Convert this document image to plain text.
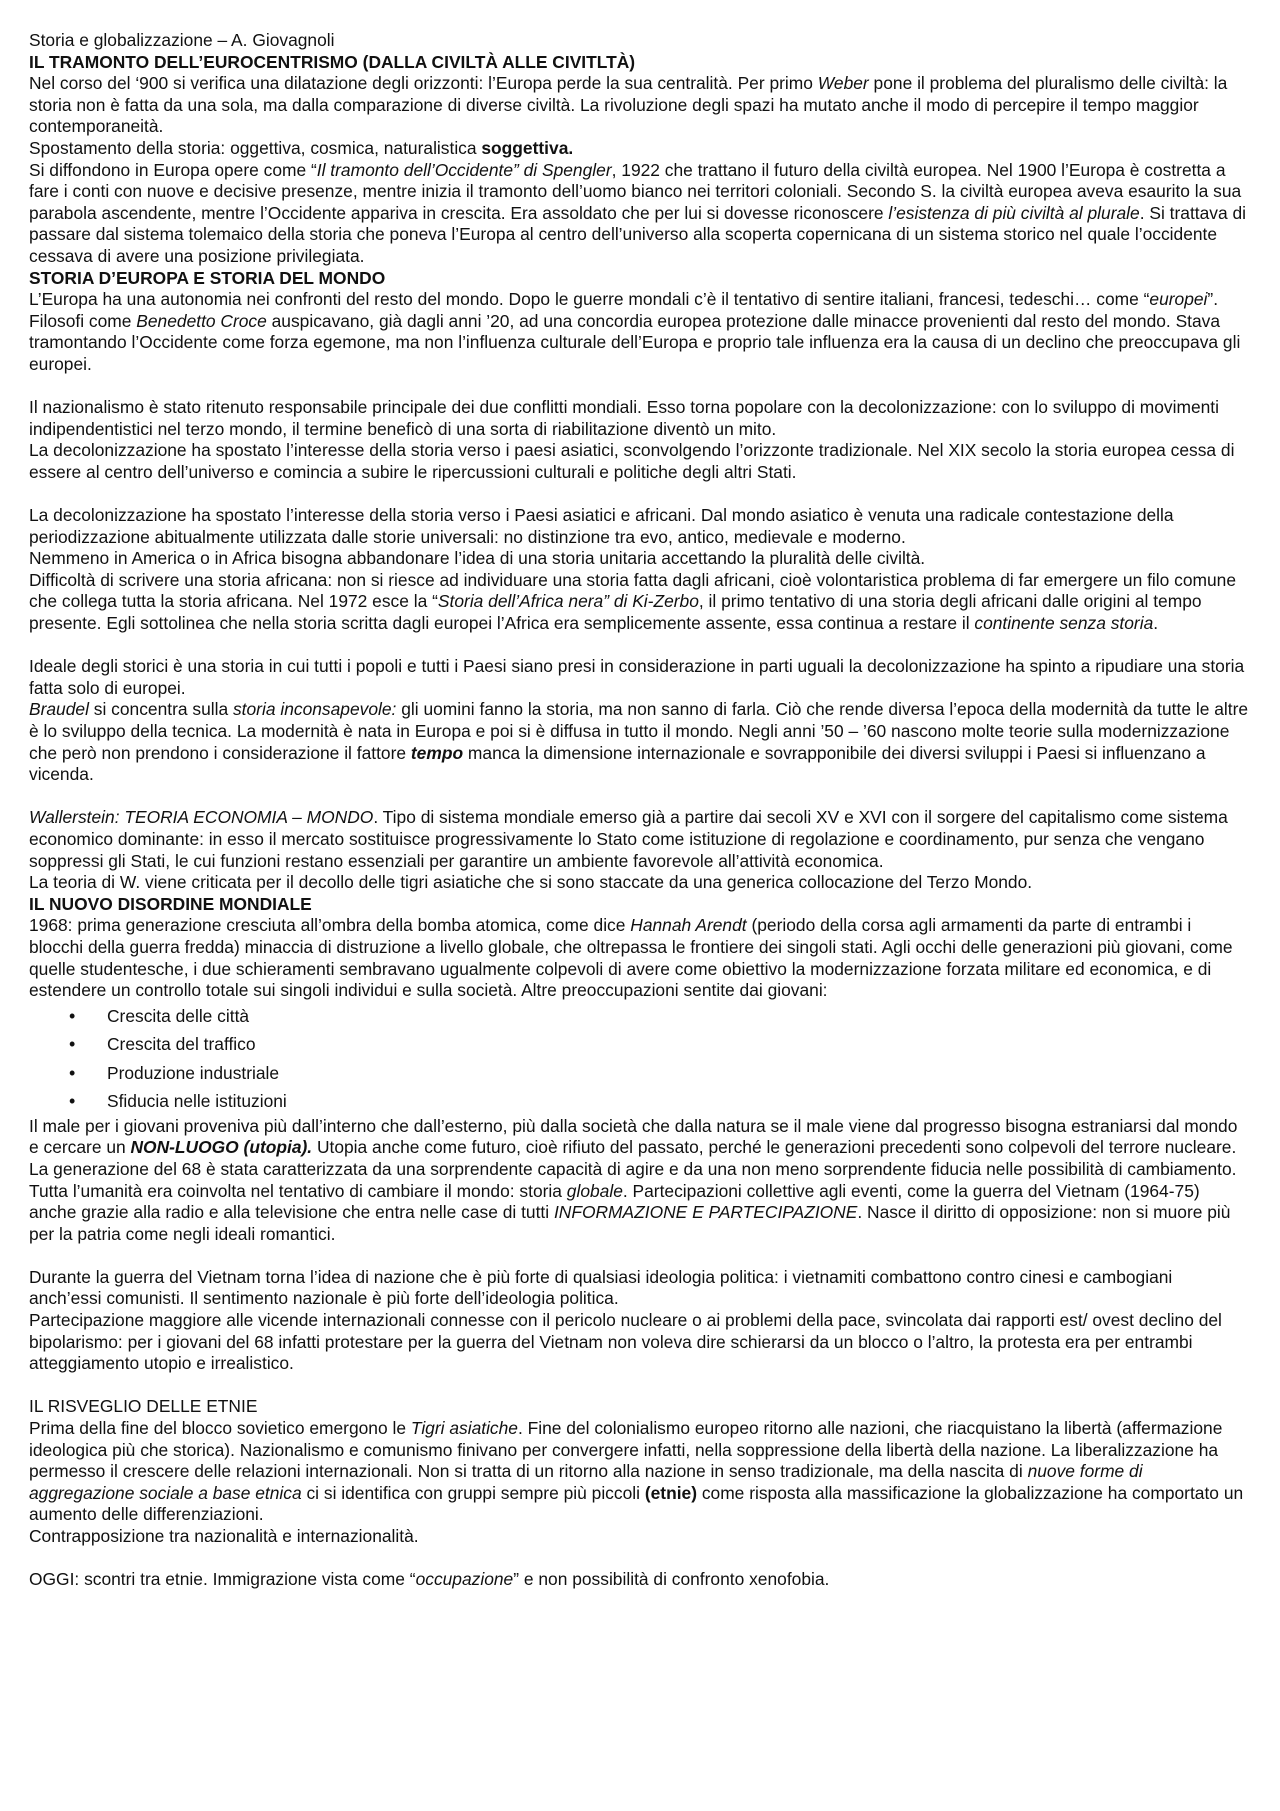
Storia e globalizzazione – A. Giovagnoli

IL TRAMONTO DELL’EUROCENTRISMO (DALLA CIVILTÀ ALLE CIVITLTÀ)

Nel corso del ‘900 si verifica una dilatazione degli orizzonti: l’Europa perde la sua centralità. Per primo Weber pone il problema del pluralismo delle civiltà: la storia non è fatta da una sola, ma dalla comparazione di diverse civiltà. La rivoluzione degli spazi ha mutato anche il modo di percepire il tempo maggior contemporaneità.

Spostamento della storia: oggettiva, cosmica, naturalistica soggettiva.

Si diffondono in Europa opere come “Il tramonto dell’Occidente” di Spengler, 1922 che trattano il futuro della civiltà europea. Nel 1900 l’Europa è costretta a fare i conti con nuove e decisive presenze, mentre inizia il tramonto dell’uomo bianco nei territori coloniali. Secondo S. la civiltà europea aveva esaurito la sua parabola ascendente, mentre l’Occidente appariva in crescita. Era assoldato che per lui si dovesse riconoscere l’esistenza di più civiltà al plurale. Si trattava di passare dal sistema tolemaico della storia che poneva l’Europa al centro dell’universo alla scoperta copernicana di un sistema storico nel quale l’occidente cessava di avere una posizione privilegiata.

STORIA D’EUROPA E STORIA DEL MONDO

L’Europa ha una autonomia nei confronti del resto del mondo. Dopo le guerre mondali c’è il tentativo di sentire italiani, francesi, tedeschi… come “europei”. Filosofi come Benedetto Croce auspicavano, già dagli anni ’20, ad una concordia europea protezione dalle minacce provenienti dal resto del mondo. Stava tramontando l’Occidente come forza egemone, ma non l’influenza culturale dell’Europa e proprio tale influenza era la causa di un declino che preoccupava gli europei.

Il nazionalismo è stato ritenuto responsabile principale dei due conflitti mondiali. Esso torna popolare con la decolonizzazione: con lo sviluppo di movimenti indipendentistici nel terzo mondo, il termine beneficò di una sorta di riabilitazione diventò un mito.

La decolonizzazione ha spostato l’interesse della storia verso i paesi asiatici, sconvolgendo l’orizzonte tradizionale. Nel XIX secolo la storia europea cessa di essere al centro dell’universo e comincia a subire le ripercussioni culturali e politiche degli altri Stati.

La decolonizzazione ha spostato l’interesse della storia verso i Paesi asiatici e africani. Dal mondo asiatico è venuta una radicale contestazione della periodizzazione abitualmente utilizzata dalle storie universali: no distinzione tra evo, antico, medievale e moderno.

Nemmeno in America o in Africa bisogna abbandonare l’idea di una storia unitaria accettando la pluralità delle civiltà.

Difficoltà di scrivere una storia africana: non si riesce ad individuare una storia fatta dagli africani, cioè volontaristica problema di far emergere un filo comune che collega tutta la storia africana. Nel 1972 esce la “Storia dell’Africa nera” di Ki-Zerbo, il primo tentativo di una storia degli africani dalle origini al tempo presente. Egli sottolinea che nella storia scritta dagli europei l’Africa era semplicemente assente, essa continua a restare il continente senza storia.

Ideale degli storici è una storia in cui tutti i popoli e tutti i Paesi siano presi in considerazione in parti uguali la decolonizzazione ha spinto a ripudiare una storia fatta solo di europei.

Braudel si concentra sulla storia inconsapevole: gli uomini fanno la storia, ma non sanno di farla. Ciò che rende diversa l’epoca della modernità da tutte le altre è lo sviluppo della tecnica. La modernità è nata in Europa e poi si è diffusa in tutto il mondo. Negli anni ’50 – ’60 nascono molte teorie sulla modernizzazione che però non prendono i considerazione il fattore tempo manca la dimensione internazionale e sovrapponibile dei diversi sviluppi i Paesi si influenzano a vicenda.

Wallerstein: TEORIA ECONOMIA – MONDO. Tipo di sistema mondiale emerso già a partire dai secoli XV e XVI con il sorgere del capitalismo come sistema economico dominante: in esso il mercato sostituisce progressivamente lo Stato come istituzione di regolazione e coordinamento, pur senza che vengano soppressi gli Stati, le cui funzioni restano essenziali per garantire un ambiente favorevole all’attività economica.

La teoria di W. viene criticata per il decollo delle tigri asiatiche che si sono staccate da una generica collocazione del Terzo Mondo.

IL NUOVO DISORDINE MONDIALE

1968: prima generazione cresciuta all’ombra della bomba atomica, come dice Hannah Arendt (periodo della corsa agli armamenti da parte di entrambi i blocchi della guerra fredda) minaccia di distruzione a livello globale, che oltrepassa le frontiere dei singoli stati. Agli occhi delle generazioni più giovani, come quelle studentesche, i due schieramenti sembravano ugualmente colpevoli di avere come obiettivo la modernizzazione forzata militare ed economica, e di estendere un controllo totale sui singoli individui e sulla società. Altre preoccupazioni sentite dai giovani:

• Crescita delle città
• Crescita del traffico
• Produzione industriale
• Sfiducia nelle istituzioni

Il male per i giovani proveniva più dall’interno che dall’esterno, più dalla società che dalla natura se il male viene dal progresso bisogna estraniarsi dal mondo e cercare un NON-LUOGO (utopia). Utopia anche come futuro, cioè rifiuto del passato, perché le generazioni precedenti sono colpevoli del terrore nucleare. La generazione del 68 è stata caratterizzata da una sorprendente capacità di agire e da una non meno sorprendente fiducia nelle possibilità di cambiamento.

Tutta l’umanità era coinvolta nel tentativo di cambiare il mondo: storia globale. Partecipazioni collettive agli eventi, come la guerra del Vietnam (1964-75) anche grazie alla radio e alla televisione che entra nelle case di tutti INFORMAZIONE E PARTECIPAZIONE. Nasce il diritto di opposizione: non si muore più per la patria come negli ideali romantici.

Durante la guerra del Vietnam torna l’idea di nazione che è più forte di qualsiasi ideologia politica: i vietnamiti combattono contro cinesi e cambogiani anch’essi comunisti. Il sentimento nazionale è più forte dell’ideologia politica.

Partecipazione maggiore alle vicende internazionali connesse con il pericolo nucleare o ai problemi della pace, svincolata dai rapporti est/ ovest declino del bipolarismo: per i giovani del 68 infatti protestare per la guerra del Vietnam non voleva dire schierarsi da un blocco o l’altro, la protesta era per entrambi atteggiamento utopio e irrealistico.

IL RISVEGLIO DELLE ETNIE

Prima della fine del blocco sovietico emergono le Tigri asiatiche. Fine del colonialismo europeo ritorno alle nazioni, che riacquistano la libertà (affermazione ideologica più che storica). Nazionalismo e comunismo finivano per convergere infatti, nella soppressione della libertà della nazione. La liberalizzazione ha permesso il crescere delle relazioni internazionali. Non si tratta di un ritorno alla nazione in senso tradizionale, ma della nascita di nuove forme di aggregazione sociale a base etnica ci si identifica con gruppi sempre più piccoli (etnie) come risposta alla massificazione la globalizzazione ha comportato un aumento delle differenziazioni.

Contrapposizione tra nazionalità e internazionalità.

OGGI: scontri tra etnie. Immigrazione vista come “occupazione” e non possibilità di confronto xenofobia.
